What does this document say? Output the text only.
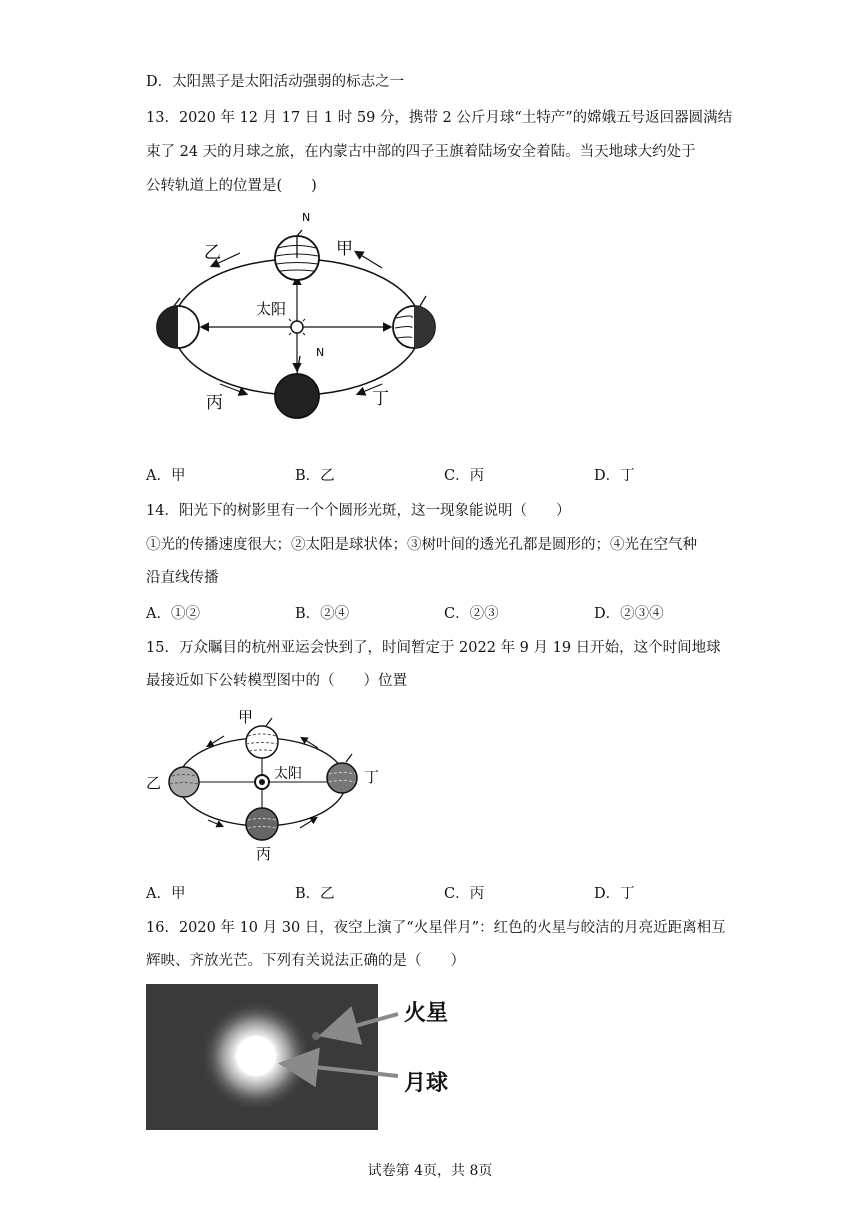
D．太阳黑子是太阳活动强弱的标志之一
13．2020 年 12 月 17 日 1 时 59 分，携带 2 公斤月球“土特产”的嫦娥五号返回器圆满结
束了 24 天的月球之旅，在内蒙古中部的四子王旗着陆场安全着陆。当天地球大约处于
公转轨道上的位置是(　　)
太阳
N
N
乙	甲
丙	丁
A．甲	B．乙	C．丙	D．丁
14．阳光下的树影里有一个个圆形光斑，这一现象能说明（　　）
①光的传播速度很大；②太阳是球状体；③树叶间的透光孔都是圆形的；④光在空气种
沿直线传播
A．①②	B．②④	C．②③	D．②③④
15．万众瞩目的杭州亚运会快到了，时间暂定于 2022 年 9 月 19 日开始，这个时间地球
最接近如下公转模型图中的（　　）位置
太阳
甲
乙
丙
丁
A．甲	B．乙	C．丙	D．丁
16．2020 年 10 月 30 日，夜空上演了“火星伴月”：红色的火星与皎洁的月亮近距离相互
辉映、齐放光芒。下列有关说法正确的是（　　）
火星
月球
试卷第 4页，共 8页
